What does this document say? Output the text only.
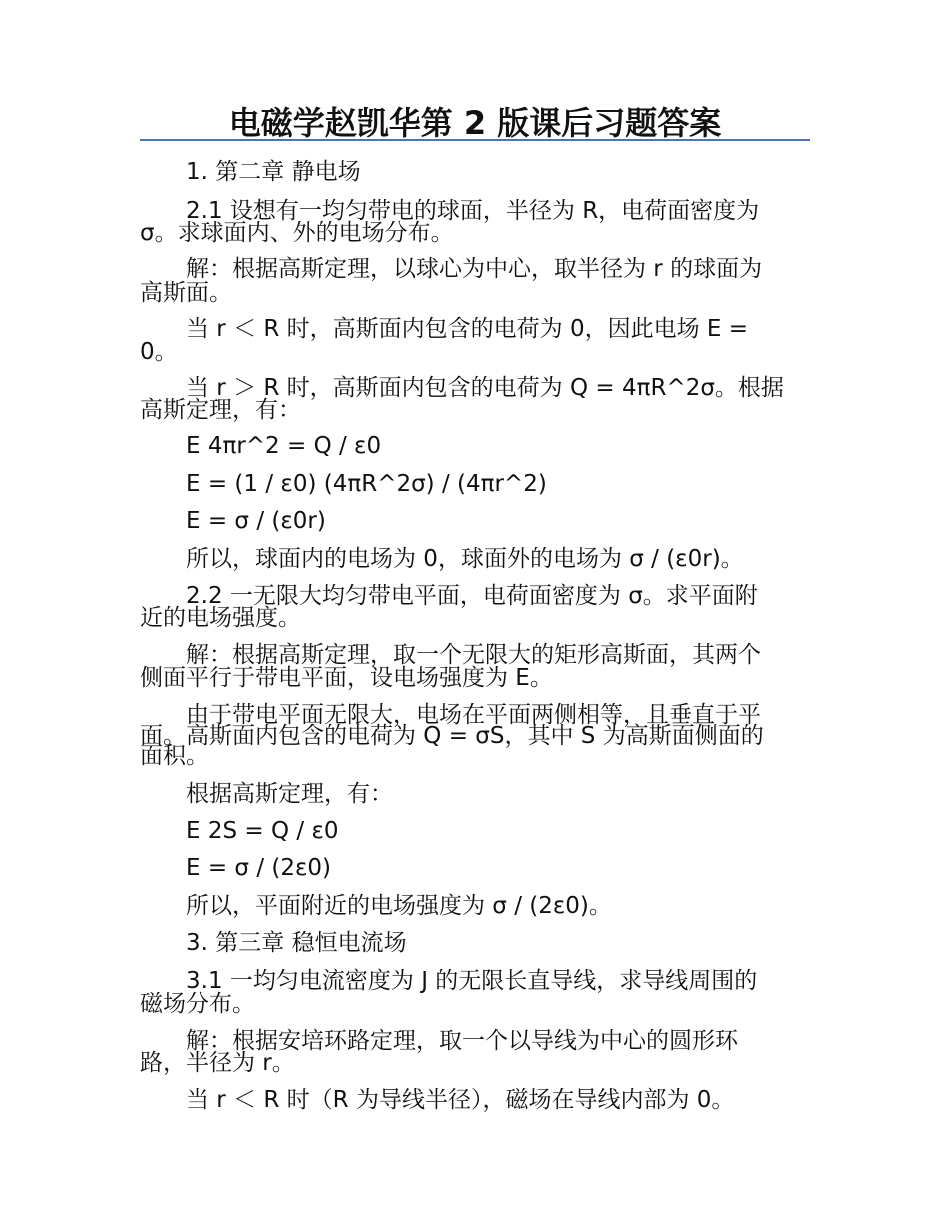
电磁学赵凯华第 2 版课后习题答案
1. 第二章 静电场
2.1 设想有一均匀带电的球面，半径为 R，电荷面密度为
σ。求球面内、外的电场分布。
解：根据高斯定理，以球心为中心，取半径为 r 的球面为
高斯面。
当 r ＜ R 时，高斯面内包含的电荷为 0，因此电场 E =
0。
当 r ＞ R 时，高斯面内包含的电荷为 Q = 4πR^2σ。根据
高斯定理，有：
E 4πr^2 = Q / ε0
E = (1 / ε0) (4πR^2σ) / (4πr^2)
E = σ / (ε0r)
所以，球面内的电场为 0，球面外的电场为 σ / (ε0r)。
2.2 一无限大均匀带电平面，电荷面密度为 σ。求平面附
近的电场强度。
解：根据高斯定理，取一个无限大的矩形高斯面，其两个
侧面平行于带电平面，设电场强度为 E。
由于带电平面无限大，电场在平面两侧相等，且垂直于平
面。高斯面内包含的电荷为 Q = σS，其中 S 为高斯面侧面的
面积。
根据高斯定理，有：
E 2S = Q / ε0
E = σ / (2ε0)
所以，平面附近的电场强度为 σ / (2ε0)。
3. 第三章 稳恒电流场
3.1 一均匀电流密度为 J 的无限长直导线，求导线周围的
磁场分布。
解：根据安培环路定理，取一个以导线为中心的圆形环
路，半径为 r。
当 r ＜ R 时（R 为导线半径），磁场在导线内部为 0。
